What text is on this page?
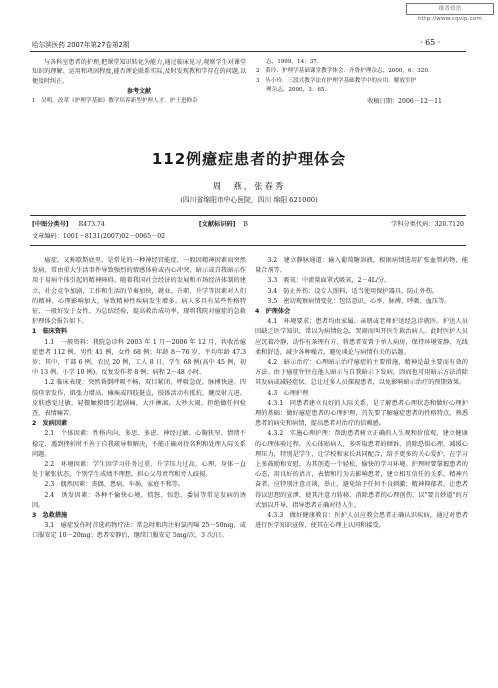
维普资讯 http://www.cqvip.com
哈尔滨医药 2007年第27卷第2期	· 65 ·
与各科室患者的护理,把课堂知识转化为能力,通过临床见习,观察学生对课堂知识的理解、运用和巩固程度,能否理论联系实际,及时发现教和学存在的问题,以便及时纠正。
参考文献
1　吴明．改革《护理学基础》教学培养新型护理人才．护士进修杂
志，1999，14：37.
2　黄玲．护理学基础课堂教学体会．齐鲁护理杂志，2000，6：320.
3　丛小玲．三段式教学法在护理学基础教学中的应用．解放军护
理杂志，2000，3：65.
收稿日期：2006－12－11
112例癔症患者的护理体会
周　燕，张春秀
(四川省绵阳市中心医院，四川 绵阳 621000)
[中图分类号] R473.74	[文献标识码] B	学科分类代码：320.7120
文章编码：1001－8131(2007)02－0065－02

癔症，又称歇斯底里，是常见的一种神经官能症，一般因精神因素而突然发病，常由重大生活事件导致强烈的情感体验或内心冲突，暗示或自我暗示作用于易病个体引起的精神障碍。随着我国社会经济的发展和市场经济体制的建立，社会竞争加剧，工作和生活的节奏加快，就业、升职、升学等因素对人们的精神、心理影响加大，导致精神性疾病发生增多。病人多具有某些性格特征，一般好发于女性。为总结经验，提高救治成功率，现将我院对癔症的急救护理体会报告如下。

1　临床资料

1.1　一般资料：我院急诊科 2003 年 1 月～2006 年 12 月，共收治癔症患者 112 例。男性 41 例，女性 68 例；年龄 8～76 岁，平均年龄 47.3 岁；其中，干部 6 例，农民 20 例，工人 8 日，学生 68 例(高中 45 例，初中 13 例，小学 10 例)，反复发作者 8 例；病程 2～48 小时。

1.2 临床表现：突然昏倒呼吸不畅，双目紧闭，呼吸急促，脉搏快速。四肢痉挛发作，肌张力增高，瘫痪或四肢挺直，肢体活动有抵抗，腱反射亢进。皮肤感觉过敏，轻微触摸即引起剧痛，大汗淋漓，大吵大闹，拒绝做任何检查，表情痛苦。

2　发病因素

2.1　个体因素：性格内向、多思、多虑、神经过敏、心胸狭窄、情绪不稳定，遇到挫折时不善于自我疏导和解决，不能正确对待名利和处理人际关系问题。

2.2　环境因素：学生因学习任务过重、升学压力过高，心理、身体一直处于紧张状态。个别学生成绩不理想，担心父母责骂和旁人歧视。

2.3　偶然因素：丧偶、患病、车祸、家庭不和等。

2.4　诱发因素：各种不愉快心境、愤怒、惊恐、委屈等常是发病的诱因。

3　急救措施

3.1　癔症发作时首选药物疗法：常急时肌肉注射氯丙嗪 25－50mg，或口服安定 10－20mg；患者安静后，继续口服安定 5mg/次，3 次/日。

3.2　建立静脉通道：输入葡萄糖溶液，根据病情选用扩张血管药物，能量合剂等。

3.3　吸氧：中流量面罩式吸氧，2－4L/分。

3.4　防止外伤：设专人照料，适当使用保护器具，防止外伤。

3.5　密切观察病情变化：包括意识、心率、脉搏、呼吸、血压等。

4　护理体会

4.1　环境要求：患者均由家属、亲朋或老师护送经急诊就医。护送人员因缺乏医学知识，常以为病情危急，哭闹而叫开医生救治病人。此时医护人员应沉着冷静，动作有条理有方。将患者安置于单人病房，保持环境安静、光线柔和舒适，减少各种噪音，避免谈论与病情有关的话题。

4.2　暗示治疗：心理暗示治疗癔症的主要措施，精神是最主要而有效的方法。由于癔症往往在他人暗示与自我暗示下发病，因而也可用暗示方法消除其发病或减轻症状。总让过多人员探视患者，以免影响暗示治疗的预期效果。

4.3　心理护理

4.3.1　同患者建立良好的人际关系，是了解患者心理状态和做好心理护理的基础：做好癔症患者的心理护理，首先要了解癔症患者的性格特点，熟悉患者的病史和病情，提高患者对治疗的信赖感。

4.3.2　实施心理护理：帮助患者树立正确的人生观和价值观，建立健康的心理体验过程。关心体贴病人，多听取患者的倾诉，消除恐惧心理，减缓心理压力，特别是学生，让学校和家长共同配合，给予更多的关心爱护，在学习上多鼓励和安慰，为其创造一个轻松、愉快的学习环境。护理时要掌握患者的心态，用良好的语言，表情和行为去影响患者，建立相互信任的关系。精神兴奋者，应特别注意言谈，举止，避免给予任何不良刺激；精神抑郁者，让患者得以思想的宣泄，使其注意力转移，消除患者的心理创伤，以"要言妙道"的方式加以开导，指导患者正确对待人生。

4.3.3　做好健康教育：医护人员应教会患者正确认识疾病，通过对患者进行医学知识宣传，使其在心理上认同和接受，
